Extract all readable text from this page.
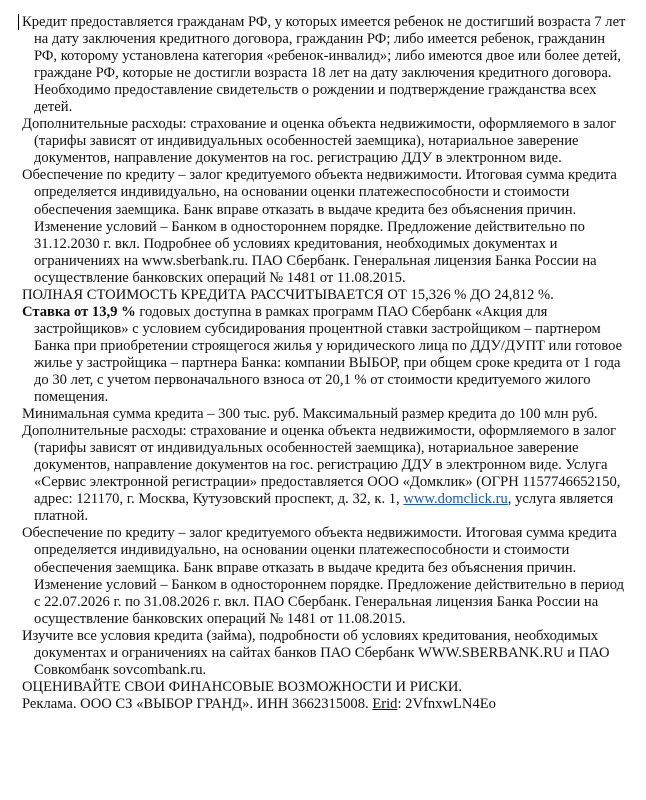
Кредит предоставляется гражданам РФ, у которых имеется ребенок не достигший возраста 7 лет на дату заключения кредитного договора, гражданин РФ; либо имеется ребенок, гражданин РФ, которому установлена категория «ребенок-инвалид»; либо имеются двое или более детей, граждане РФ, которые не достигли возраста 18 лет на дату заключения кредитного договора. Необходимо предоставление свидетельств о рождении и подтверждение гражданства всех детей.

Дополнительные расходы: страхование и оценка объекта недвижимости, оформляемого в залог (тарифы зависят от индивидуальных особенностей заемщика), нотариальное заверение документов, направление документов на гос. регистрацию ДДУ в электронном виде.

Обеспечение по кредиту – залог кредитуемого объекта недвижимости. Итоговая сумма кредита определяется индивидуально, на основании оценки платежеспособности и стоимости обеспечения заемщика. Банк вправе отказать в выдаче кредита без объяснения причин. Изменение условий – Банком в одностороннем порядке. Предложение действительно по 31.12.2030 г. вкл. Подробнее об условиях кредитования, необходимых документах и ограничениях на www.sberbank.ru. ПАО Сбербанк. Генеральная лицензия Банка России на осуществление банковских операций № 1481 от 11.08.2015.

ПОЛНАЯ СТОИМОСТЬ КРЕДИТА РАССЧИТЫВАЕТСЯ ОТ 15,326 % ДО 24,812 %.

Ставка от 13,9 % годовых доступна в рамках программ ПАО Сбербанк «Акция для застройщиков» с условием субсидирования процентной ставки застройщиком – партнером Банка при приобретении строящегося жилья у юридического лица по ДДУ/ДУПТ или готовое жилье у застройщика – партнера Банка: компании ВЫБОР, при общем сроке кредита от 1 года до 30 лет, с учетом первоначального взноса от 20,1 % от стоимости кредитуемого жилого помещения.

Минимальная сумма кредита – 300 тыс. руб. Максимальный размер кредита до 100 млн руб.

Дополнительные расходы: страхование и оценка объекта недвижимости, оформляемого в залог (тарифы зависят от индивидуальных особенностей заемщика), нотариальное заверение документов, направление документов на гос. регистрацию ДДУ в электронном виде. Услуга «Сервис электронной регистрации» предоставляется ООО «Домклик» (ОГРН 1157746652150, адрес: 121170, г. Москва, Кутузовский проспект, д. 32, к. 1, www.domclick.ru, услуга является платной.

Обеспечение по кредиту – залог кредитуемого объекта недвижимости. Итоговая сумма кредита определяется индивидуально, на основании оценки платежеспособности и стоимости обеспечения заемщика. Банк вправе отказать в выдаче кредита без объяснения причин. Изменение условий – Банком в одностороннем порядке. Предложение действительно в период с 22.07.2026 г. по 31.08.2026 г. вкл. ПАО Сбербанк. Генеральная лицензия Банка России на осуществление банковских операций № 1481 от 11.08.2015.

Изучите все условия кредита (займа), подробности об условиях кредитования, необходимых документах и ограничениях на сайтах банков ПАО Сбербанк WWW.SBERBANK.RU и ПАО Совкомбанк sovcombank.ru.

ОЦЕНИВАЙТЕ СВОИ ФИНАНСОВЫЕ ВОЗМОЖНОСТИ И РИСКИ.

Реклама. ООО СЗ «ВЫБОР ГРАНД». ИНН 3662315008. Erid: 2VfnxwLN4Eo
